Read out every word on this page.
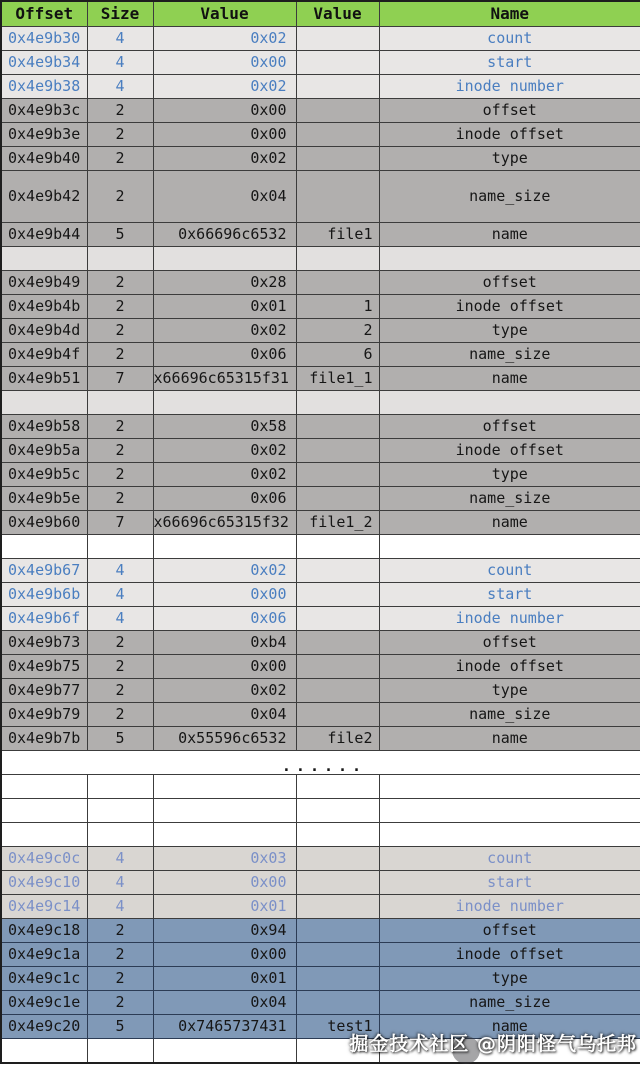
Offset	Size	Value	Value	Name
0x4e9b30	4	0x02		count
0x4e9b34	4	0x00		start
0x4e9b38	4	0x02		inode number
0x4e9b3c	2	0x00		offset
0x4e9b3e	2	0x00		inode offset
0x4e9b40	2	0x02		type
0x4e9b42	2	0x04		name_size
0x4e9b44	5	0x66696c6532	file1	name

0x4e9b49	2	0x28		offset
0x4e9b4b	2	0x01	1	inode offset
0x4e9b4d	2	0x02	2	type
0x4e9b4f	2	0x06	6	name_size
0x4e9b51	7	x66696c65315f31	file1_1	name

0x4e9b58	2	0x58		offset
0x4e9b5a	2	0x02		inode offset
0x4e9b5c	2	0x02		type
0x4e9b5e	2	0x06		name_size
0x4e9b60	7	x66696c65315f32	file1_2	name

0x4e9b67	4	0x02		count
0x4e9b6b	4	0x00		start
0x4e9b6f	4	0x06		inode number
0x4e9b73	2	0xb4		offset
0x4e9b75	2	0x00		inode offset
0x4e9b77	2	0x02		type
0x4e9b79	2	0x04		name_size
0x4e9b7b	5	0x55596c6532	file2	name
......				

0x4e9c0c	4	0x03		count
0x4e9c10	4	0x00		start
0x4e9c14	4	0x01		inode number
0x4e9c18	2	0x94		offset
0x4e9c1a	2	0x00		inode offset
0x4e9c1c	2	0x01		type
0x4e9c1e	2	0x04		name_size
0x4e9c20	5	0x7465737431	test1	name

掘金技术社区 @阴阳怪气乌托邦
